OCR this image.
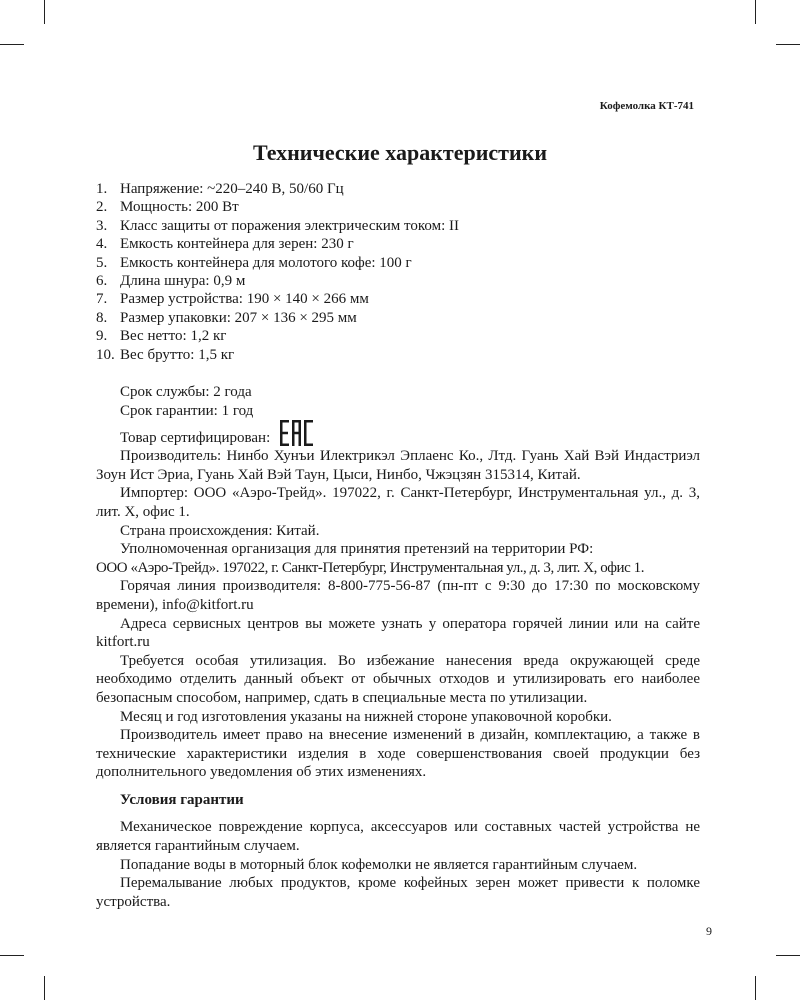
Кофемолка КТ-741
Технические характеристики
1. Напряжение: ~220–240 В, 50/60 Гц
2. Мощность: 200 Вт
3. Класс защиты от поражения электрическим током: II
4. Емкость контейнера для зерен: 230 г
5. Емкость контейнера для молотого кофе: 100 г
6. Длина шнура: 0,9 м
7. Размер устройства: 190 × 140 × 266 мм
8. Размер упаковки: 207 × 136 × 295 мм
9. Вес нетто: 1,2 кг
10. Вес брутто: 1,5 кг

Срок службы: 2 года

Срок гарантии: 1 год

Товар сертифицирован:

Производитель: Нинбо Хунъи Илектрикэл Эплаенс Ко., Лтд. Гуань Хай Вэй Индастриэл Зоун Ист Эриа, Гуань Хай Вэй Таун, Цыси, Нинбо, Чжэцзян 315314, Китай.

Импортер: ООО «Аэро-Трейд». 197022, г. Санкт-Петербург, Инструментальная ул., д. 3, лит. Х, офис 1.

Страна происхождения: Китай.

Уполномоченная организация для принятия претензий на территории РФ:

ООО «Аэро-Трейд». 197022, г. Санкт-Петербург, Инструментальная ул., д. 3, лит. Х, офис 1.

Горячая линия производителя: 8-800-775-56-87 (пн-пт с 9:30 до 17:30 по московскому времени), info@kitfort.ru

Адреса сервисных центров вы можете узнать у оператора горячей линии или на сайте kitfort.ru

Требуется особая утилизация. Во избежание нанесения вреда окружающей среде необходимо отделить данный объект от обычных отходов и утилизировать его наиболее безопасным способом, например, сдать в специальные места по утилизации.

Месяц и год изготовления указаны на нижней стороне упаковочной коробки.

Производитель имеет право на внесение изменений в дизайн, комплектацию, а также в технические характеристики изделия в ходе совершенствования своей продукции без дополнительного уведомления об этих изменениях.

Условия гарантии

Механическое повреждение корпуса, аксессуаров или составных частей устройства не является гарантийным случаем.

Попадание воды в моторный блок кофемолки не является гарантийным случаем.

Перемалывание любых продуктов, кроме кофейных зерен может привести к поломке устройства.

9
